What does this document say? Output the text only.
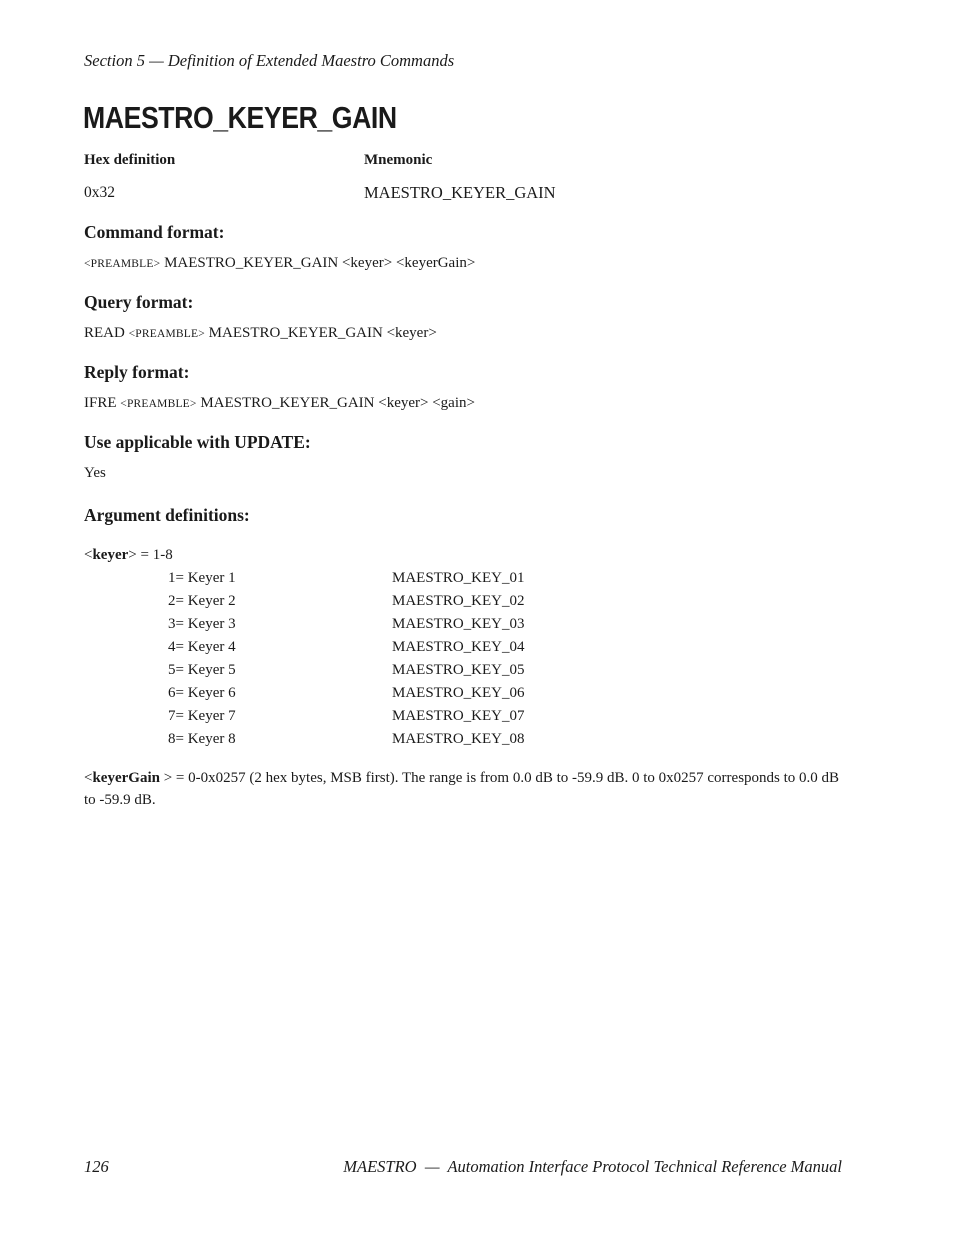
Section 5 — Definition of Extended Maestro Commands
MAESTRO_KEYER_GAIN
Hex definition	Mnemonic
0x32	MAESTRO_KEYER_GAIN
Command format:
<PREAMBLE> MAESTRO_KEYER_GAIN <keyer> <keyerGain>
Query format:
READ <PREAMBLE> MAESTRO_KEYER_GAIN <keyer>
Reply format:
IFRE <PREAMBLE> MAESTRO_KEYER_GAIN <keyer> <gain>
Use applicable with UPDATE:
Yes
Argument definitions:
<keyer> = 1-8
1= Keyer 1	MAESTRO_KEY_01
2= Keyer 2	MAESTRO_KEY_02
3= Keyer 3	MAESTRO_KEY_03
4= Keyer 4	MAESTRO_KEY_04
5= Keyer 5	MAESTRO_KEY_05
6= Keyer 6	MAESTRO_KEY_06
7= Keyer 7	MAESTRO_KEY_07
8= Keyer 8	MAESTRO_KEY_08
<keyerGain > = 0-0x0257 (2 hex bytes, MSB first). The range is from 0.0 dB to -59.9 dB. 0 to 0x0257 corresponds to 0.0 dB to -59.9 dB.
126	MAESTRO  —  Automation Interface Protocol Technical Reference Manual
